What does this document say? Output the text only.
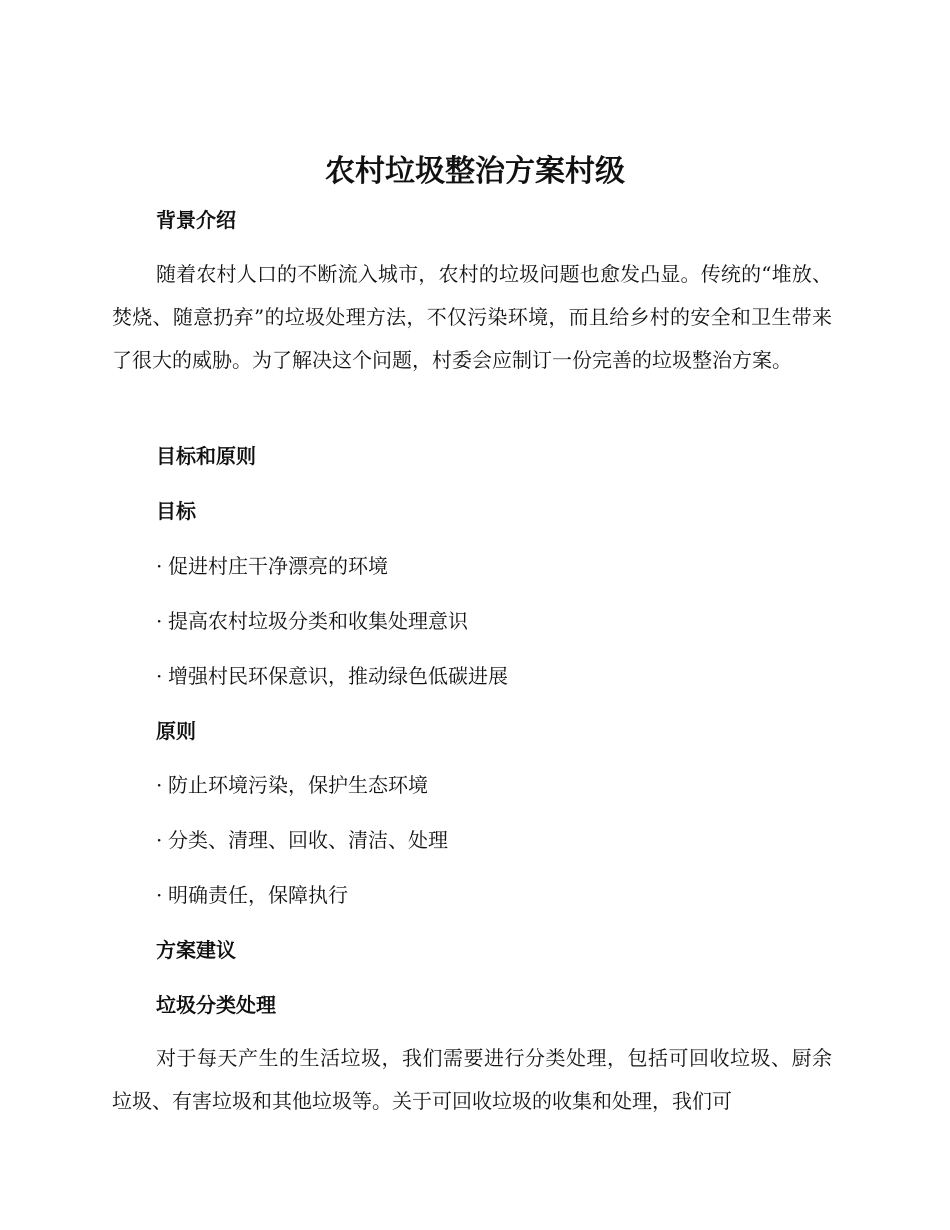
农村垃圾整治方案村级
背景介绍

随着农村人口的不断流入城市，农村的垃圾问题也愈发凸显。传统的“堆放、焚烧、随意扔弃”的垃圾处理方法，不仅污染环境，而且给乡村的安全和卫生带来了很大的威胁。为了解决这个问题，村委会应制订一份完善的垃圾整治方案。

目标和原则
目标
· 促进村庄干净漂亮的环境
· 提高农村垃圾分类和收集处理意识
· 增强村民环保意识，推动绿色低碳进展
原则
· 防止环境污染，保护生态环境
· 分类、清理、回收、清洁、处理
· 明确责任，保障执行
方案建议
垃圾分类处理

对于每天产生的生活垃圾，我们需要进行分类处理，包括可回收垃圾、厨余垃圾、有害垃圾和其他垃圾等。关于可回收垃圾的收集和处理，我们可
